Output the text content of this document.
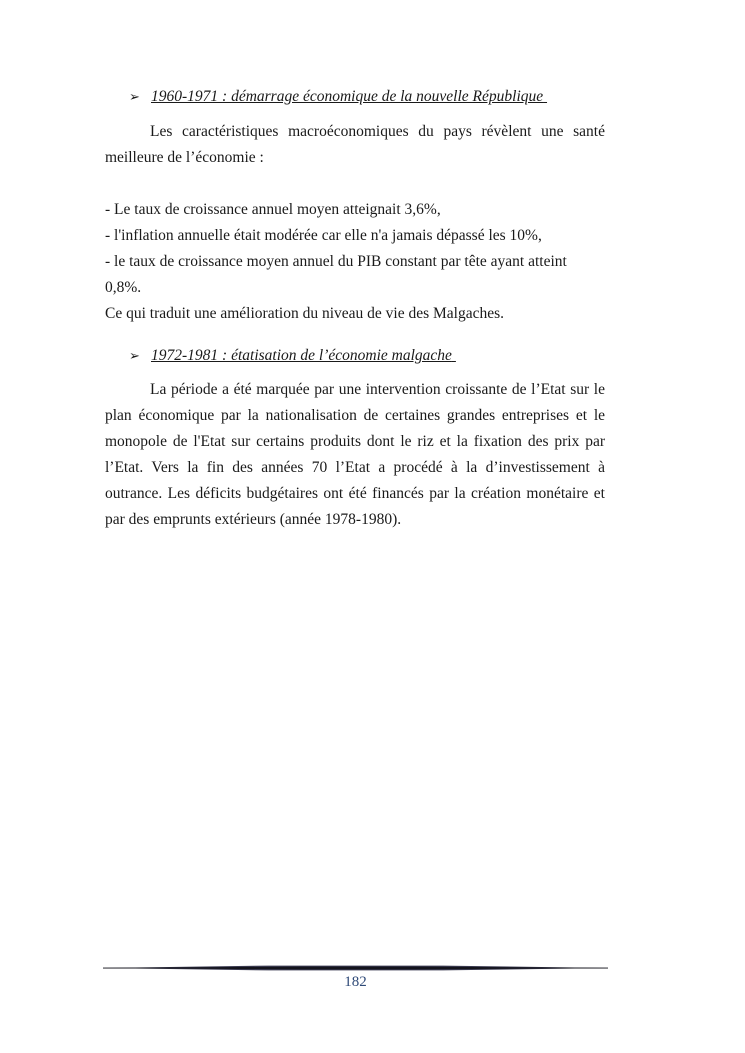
➢ 1960-1971 : démarrage économique de la nouvelle République

Les caractéristiques macroéconomiques du pays révèlent une santé meilleure de l’économie :

- Le taux de croissance annuel moyen atteignait 3,6%,

- l'inflation annuelle était modérée car elle n'a jamais dépassé les 10%,

- le taux de croissance moyen annuel du PIB constant par tête ayant atteint 0,8%.

Ce qui traduit une amélioration du niveau de vie des Malgaches.

➢ 1972-1981 : étatisation de l’économie malgache

La période a été marquée par une intervention croissante de l’Etat sur le plan économique par la nationalisation de certaines grandes entreprises et le monopole de l'Etat sur certains produits dont le riz et la fixation des prix par l’Etat. Vers la fin des années 70 l’Etat a procédé à la d’investissement à outrance. Les déficits budgétaires ont été financés par la création monétaire et par des emprunts extérieurs (année 1978-1980).

182
